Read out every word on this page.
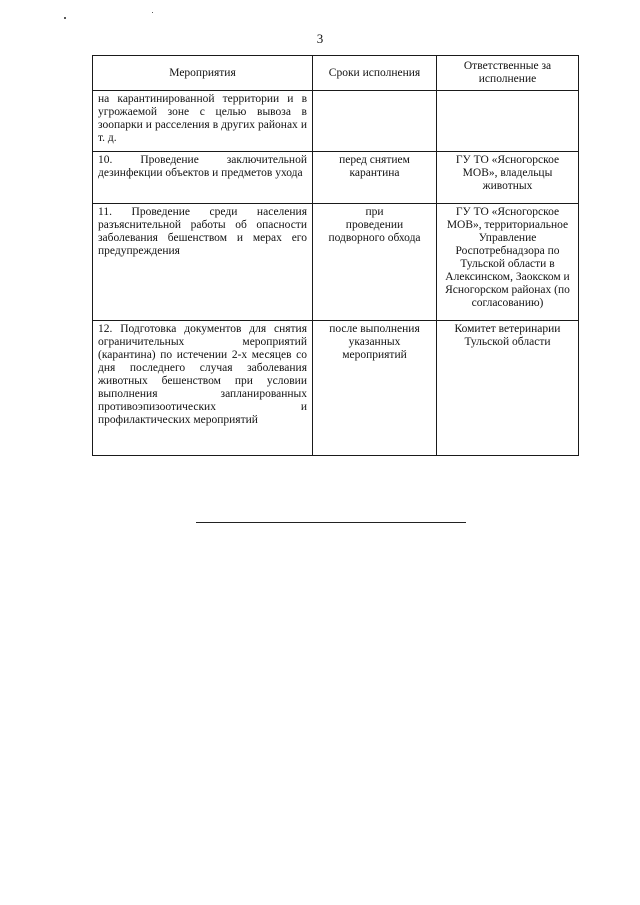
3
Мероприятия	Сроки исполнения	Ответственные за исполнение
на карантинированной территории и в угрожаемой зоне с целью вывоза в зоопарки и расселения в других районах и т. д.		
10. Проведение заключительной дезинфекции объектов и предметов ухода	перед снятием карантина	ГУ ТО «Ясногорское МОВ», владельцы животных
11. Проведение среди населения разъяснительной работы об опасности заболевания бешенством и мерах его предупреждения	при
проведении
подворного обхода	ГУ ТО «Ясногорское МОВ», территориальное Управление Роспотребнадзора по Тульской области в Алексинском, Заокском и Ясногорском районах (по согласованию)
12. Подготовка документов для снятия ограничительных мероприятий (карантина) по истечении 2-х месяцев со дня последнего случая заболевания животных бешенством при условии выполнения запланированных противоэпизоотических и профилактических мероприятий	после выполнения указанных мероприятий	Комитет ветеринарии Тульской области
